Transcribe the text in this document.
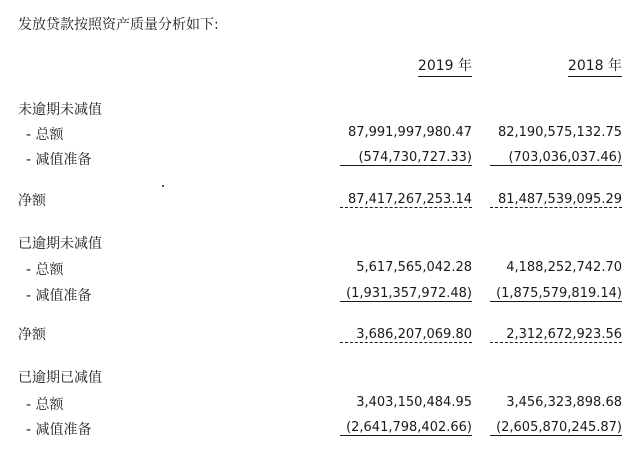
发放贷款按照资产质量分析如下:
2019 年	2018 年
未逾期未减值
- 总额	87,991,997,980.47 82,190,575,132.75
- 减值准备	(574,730,727.33)	(703,036,037.46)
净额	87,417,267,253.14	81,487,539,095.29
已逾期未减值
- 总额	5,617,565,042.28	4,188,252,742.70
- 减值准备	(1,931,357,972.48)	(1,875,579,819.14)
净额	3,686,207,069.80	2,312,672,923.56
已逾期已减值
- 总额	3,403,150,484.95	3,456,323,898.68
- 减值准备	(2,641,798,402.66)	(2,605,870,245.87)
